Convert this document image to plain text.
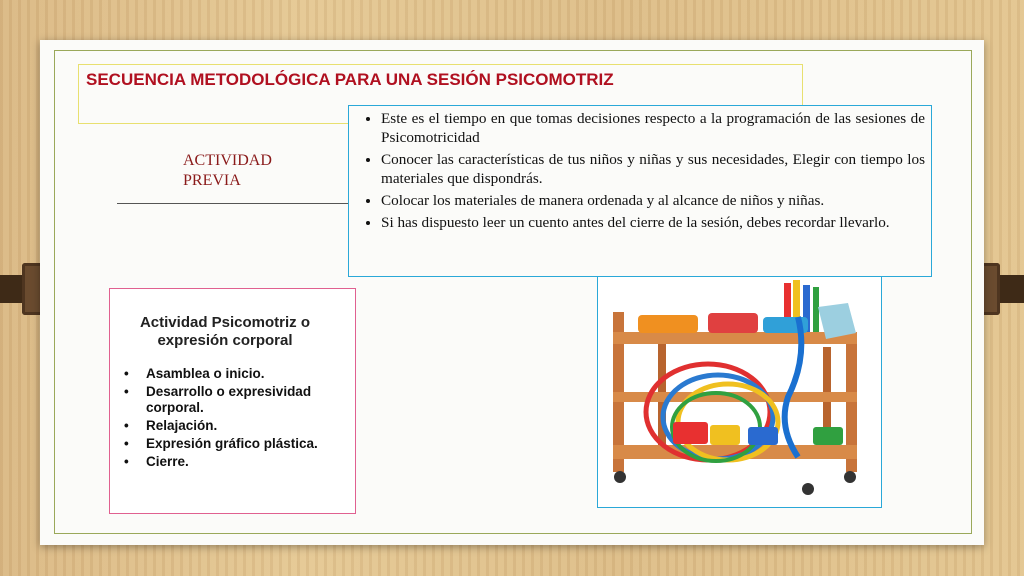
SECUENCIA METODOLÓGICA PARA UNA SESIÓN PSICOMOTRIZ
ACTIVIDAD
PREVIA
• Este es el tiempo en que tomas decisiones respecto a la programación de las sesiones de Psicomotricidad
• Conocer las características de tus niños y niñas y sus necesidades, Elegir con tiempo los materiales que dispondrás.
• Colocar los materiales de manera ordenada y al alcance de niños y niñas.
• Si has dispuesto leer un cuento antes del cierre de la sesión, debes recordar llevarlo.
Actividad Psicomotriz o expresión corporal
• Asamblea o inicio.
• Desarrollo o expresividad corporal.
• Relajación.
• Expresión gráfico plástica.
• Cierre.
